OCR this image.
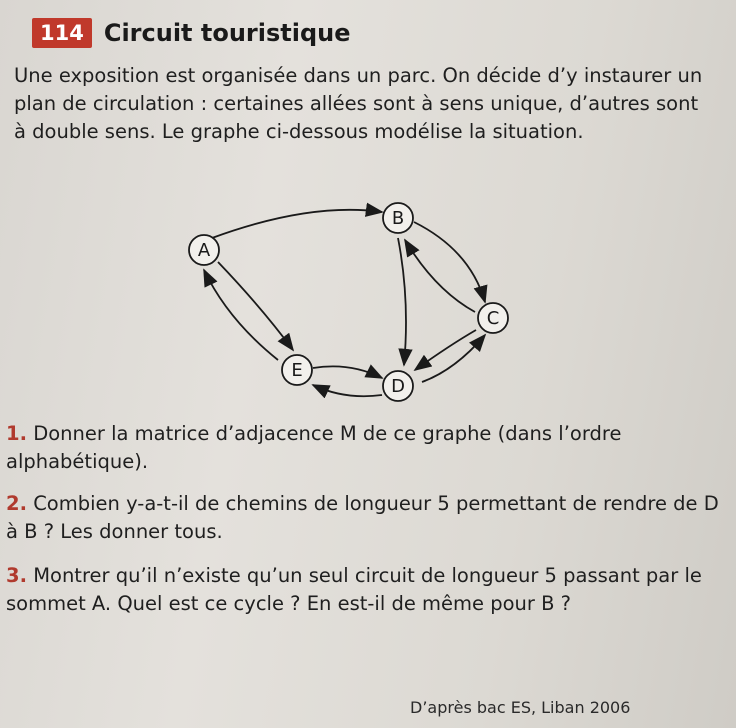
114 Circuit touristique
Une exposition est organisée dans un parc. On décide d’y instaurer un plan de circulation : certaines allées sont à sens unique, d’autres sont à double sens. Le graphe ci-dessous modélise la situation.
A
B
C
D
E
1. Donner la matrice d’adjacence M de ce graphe (dans l’ordre alphabétique).
2. Combien y-a-t-il de chemins de longueur 5 permettant de rendre de D à B ? Les donner tous.
3. Montrer qu’il n’existe qu’un seul circuit de longueur 5 passant par le sommet A. Quel est ce cycle ? En est-il de même pour B ?
D’après bac ES, Liban 2006
